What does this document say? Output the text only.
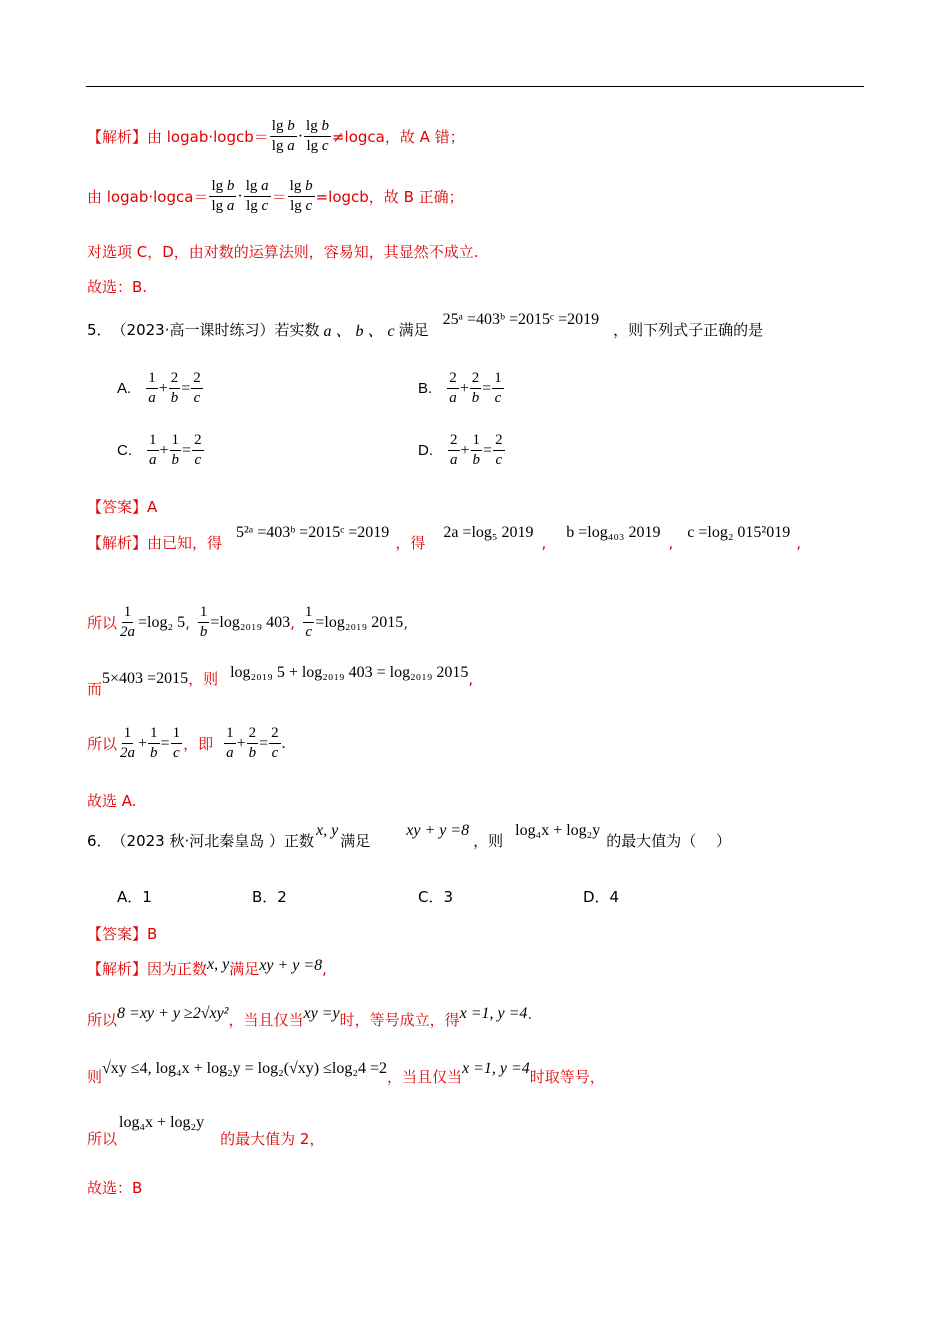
【解析】由 log ab·log cb ＝ $\frac{\text{lg b}}{\text{lg a}} \cdot \frac{\text{lg b}}{\text{lg c}} \ne\log$ ca ，故 A 错；
由 log ab·log ca ＝ $\frac{\text{lg b}}{\text{lg a}} \cdot \frac{\text{lg a}}{\text{lg c}} = \frac{\text{lg b}}{\text{lg c}} =\log$ cb ，故 B 正确；
对选项 C，D，由对数的运算法则，容易知，其显然不成立.
故选：B.
5． （2023·高一课时练习）若实数 a 、 b 、 c 满足
25ᵃ =403ᵇ =2015ᶜ =2019
，则下列式子正确的是
A. $\frac{1}{a} + \frac{2}{b} = \frac{2}{c}$	B. $\frac{2}{a} + \frac{2}{b} = \frac{1}{c}$
C. $\frac{1}{a} + \frac{1}{b} = \frac{2}{c}$	D. $\frac{2}{a} + \frac{1}{b} = \frac{2}{c}$
【答案】A
【解析】由已知，得
5²ᵃ =403ᵇ =2015ᶜ =2019
，得
2a =log₅ 2019
,
b =log₄₀₃ 2019
,
c =log₂ 015²019
,
所以 $\frac{1}{2a} =\log_2$ 5 , $\frac{1}{b} =\log_{2019}$ 403 , $\frac{1}{c} =\log_{2019}$ 2015 ,
而
5×403 =2015 ，则 log₂₀₁₉ 5 + log₂₀₁₉ 403 = log₂₀₁₉ 2015 ,
所以 $\frac{1}{2a} + \frac{1}{b} = \frac{1}{c}$ ，即 $\frac{1}{a} + \frac{2}{b} = \frac{2}{c}$ .
故选 A.
6． （2023 秋·河北秦皇岛 ）正数
x, y
满足
xy + y =8
，则
log₄x + log₂y
的最大值为（　 ）
A．1	B．2	C．3	D．4
【答案】B
【解析】 因为正数 x, y 满足 xy + y =8 ,
所以 8 =xy + y ≥2√xy² ，当且仅当 xy =y 时，等号成立，得 x =1, y =4 .
则 √xy ≤4, log₄x + log₂y = log₂(√xy) ≤log₂4 =2 ，当且仅当 x =1, y =4 时取等号，
所以
log₄x + log₂y
的最大值为 2，
故选：B
